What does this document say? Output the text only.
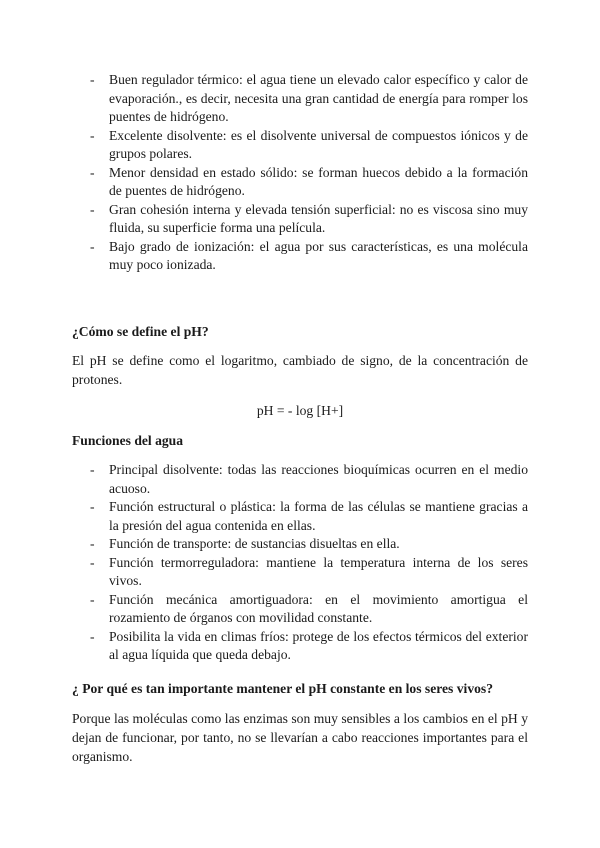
- Buen regulador térmico: el agua tiene un elevado calor específico y calor de evaporación., es decir, necesita una gran cantidad de energía para romper los puentes de hidrógeno.
- Excelente disolvente: es el disolvente universal de compuestos iónicos y de grupos polares.
- Menor densidad en estado sólido: se forman huecos debido a la formación de puentes de hidrógeno.
- Gran cohesión interna y elevada tensión superficial: no es viscosa sino muy fluida, su superficie forma una película.
- Bajo grado de ionización: el agua por sus características, es una molécula muy poco ionizada.
¿Cómo se define el pH?
El pH se define como el logaritmo, cambiado de signo, de la concentración de protones.
pH = - log [H+]
Funciones del agua
- Principal disolvente: todas las reacciones bioquímicas ocurren en el medio acuoso.
- Función estructural o plástica: la forma de las células se mantiene gracias a la presión del agua contenida en ellas.
- Función de transporte: de sustancias disueltas en ella.
- Función termorreguladora: mantiene la temperatura interna de los seres vivos.
- Función mecánica amortiguadora: en el movimiento amortigua el rozamiento de órganos con movilidad constante.
- Posibilita la vida en climas fríos: protege de los efectos térmicos del exterior al agua líquida que queda debajo.
¿ Por qué es tan importante mantener el pH constante en los seres vivos?
Porque las moléculas como las enzimas son muy sensibles a los cambios en el pH y dejan de funcionar, por tanto, no se llevarían a cabo reacciones importantes para el organismo.
